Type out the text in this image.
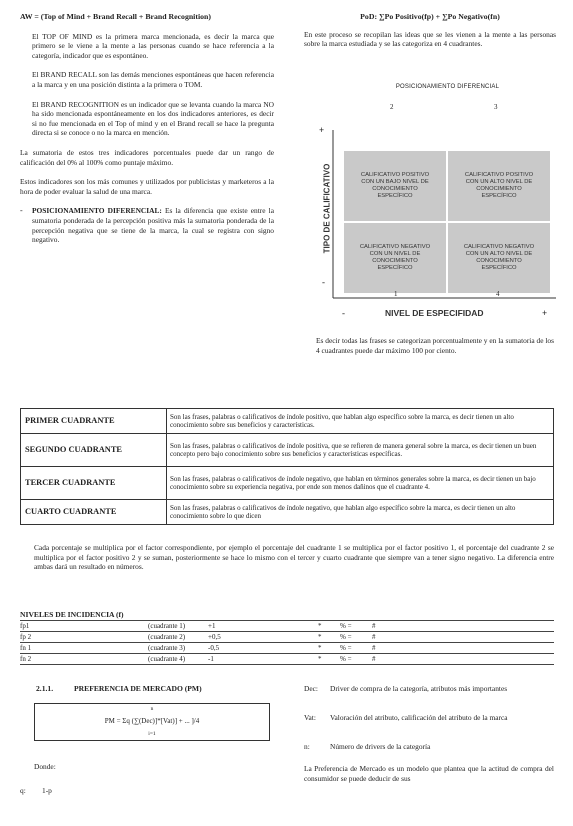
AW = (Top of Mind + Brand Recall + Brand Recognition)

El TOP OF MIND es la primera marca mencionada, es decir la marca que primero se le viene a la mente a las personas cuando se hace referencia a la categoría, indicador que es espontáneo.

El BRAND RECALL son las demás menciones espontáneas que hacen referencia a la marca y en una posición distinta a la primera o TOM.

El BRAND RECOGNITION es un indicador que se levanta cuando la marca NO ha sido mencionada espontáneamente en los dos indicadores anteriores, es decir si no fue mencionada en el Top of mind y en el Brand recall se hace la pregunta directa si se conoce o no la marca en mención.

La sumatoria de estos tres indicadores porcentuales puede dar un rango de calificación del 0% al 100% como puntaje máximo.

Estos indicadores son los más comunes y utilizados por publicistas y marketeros a la hora de poder evaluar la salud de una marca.

-	POSICIONAMIENTO DIFERENCIAL: Es la diferencia que existe entre la sumatoria ponderada de la percepción positiva más la sumatoria ponderada de la percepción negativa que se tiene de la marca, la cual se registra con signo negativo.

PoD: ∑Po Positivo(fp) + ∑Po Negativo(fn)

En este proceso se recopilan las ideas que se les vienen a la mente a las personas sobre la marca estudiada y se las categoriza en 4 cuadrantes.

POSICIONAMIENTO DIFERENCIAL
2	3
+
-
TIPO DE CALIFICATIVO	CALIFICATIVO POSITIVO CON UN BAJO NIVEL DE CONOCIMIENTO ESPECÍFICO
CALIFICATIVO POSITIVO CON UN ALTO NIVEL DE CONOCIMIENTO ESPECÍFICO
CALIFICATIVO NEGATIVO CON UN NIVEL DE CONOCIMIENTO ESPECÍFICO
CALIFICATIVO NEGATIVO CON UN ALTO NIVEL DE CONOCIMIENTO ESPECÍFICO
1	4
-	NIVEL DE ESPECIFIDAD	+

Es decir todas las frases se categorizan porcentualmente y en la sumatoria de los 4 cuadrantes puede dar máximo 100 por ciento.

PRIMER CUADRANTE	Son las frases, palabras o calificativos de índole positivo, que hablan algo específico sobre la marca, es decir tienen un alto conocimiento sobre sus beneficios y características.
SEGUNDO CUADRANTE	Son las frases, palabras o calificativos de índole positiva, que se refieren de manera general sobre la marca, es decir tienen un buen concepto pero bajo conocimiento sobre sus beneficios y características específicas.
TERCER CUADRANTE	Son las frases, palabras o calificativos de índole negativo, que hablan en términos generales sobre la marca, es decir tienen un bajo conocimiento sobre su experiencia negativa, por ende son menos dañinos que el cuadrante 4.
CUARTO CUADRANTE	Son las frases, palabras o calificativos de índole negativo, que hablan algo específico sobre la marca, es decir tienen un alto conocimiento sobre lo que dicen

Cada porcentaje se multiplica por el factor correspondiente, por ejemplo el porcentaje del cuadrante 1 se multiplica por el factor positivo 1, el porcentaje del cuadrante 2 se multiplica por el factor positivo 2 y se suman, posteriormente se hace lo mismo con el tercer y cuarto cuadrante que siempre van a tener signo negativo. La diferencia entre ambas dará un resultado en números.

NIVELES DE INCIDENCIA (f)
fp1	(cuadrante 1)	+1	*	% =	#
fp 2	(cuadrante 2)	+0,5	*	% =	#
fn 1	(cuadrante 3)	-0,5	*	% =	#
fn 2	(cuadrante 4)	-1	*	% =	#
2.1.1.	PREFERENCIA DE MERCADO (PM)
n
PM = Σq (∑(Dec)]*[Vat)] + ... ]/4
i=1
Donde:
q: 1-p
Dec: Driver de compra de la categoría, atributos más importantes

Vat: Valoración del atributo, calificación del atributo de la marca

n:	Número de drivers de la categoría

La Preferencia de Mercado es un modelo que plantea que la actitud de compra del consumidor se puede deducir de sus
